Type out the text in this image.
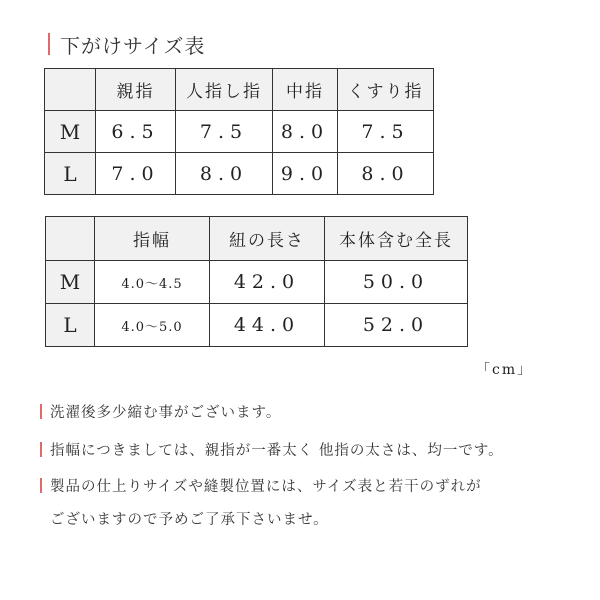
下がけサイズ表
	親指	人指し指	中指	くすり指
M	6.5	7.5	8.0	7.5
L	7.0	8.0	9.0	8.0
	指幅	紐の長さ	本体含む全長
M	4.0〜4.5	42.0	50.0
L	4.0〜5.0	44.0	52.0
「cm」
洗濯後多少縮む事がございます。
指幅につきましては、親指が一番太く 他指の太さは、均一です。
製品の仕上りサイズや縫製位置には、サイズ表と若干のずれが
ございますので予めご了承下さいませ。
